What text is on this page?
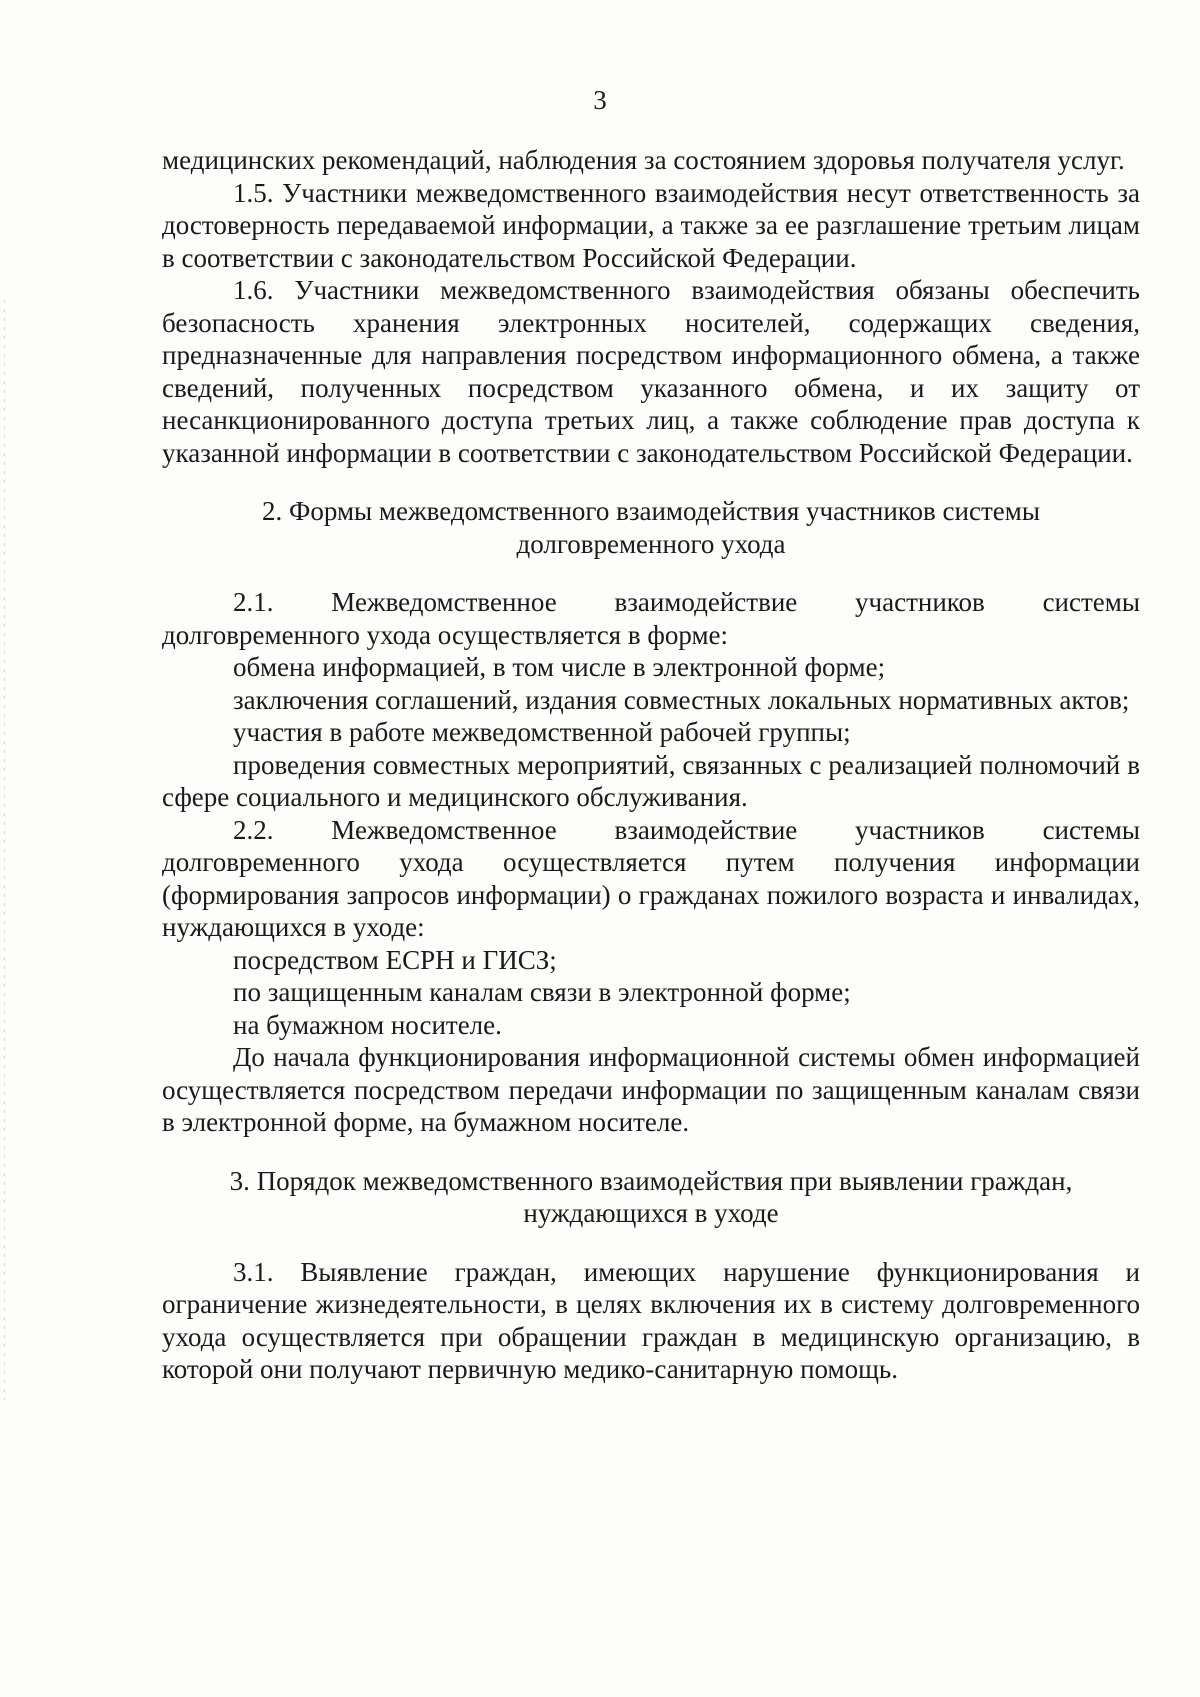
3

медицинских рекомендаций, наблюдения за состоянием здоровья получателя услуг.

1.5. Участники межведомственного взаимодействия несут ответственность за достоверность передаваемой информации, а также за ее разглашение третьим лицам в соответствии с законодательством Российской Федерации.

1.6. Участники межведомственного взаимодействия обязаны обеспечить безопасность хранения электронных носителей, содержащих сведения, предназначенные для направления посредством информационного обмена, а также сведений, полученных посредством указанного обмена, и их защиту от несанкционированного доступа третьих лиц, а также соблюдение прав доступа к указанной информации в соответствии с законодательством Российской Федерации.

2. Формы межведомственного взаимодействия участников системы
долговременного ухода

2.1. Межведомственное взаимодействие участников системы долговременного ухода осуществляется в форме:

обмена информацией, в том числе в электронной форме;

заключения соглашений, издания совместных локальных нормативных актов;

участия в работе межведомственной рабочей группы;

проведения совместных мероприятий, связанных с реализацией полномочий в сфере социального и медицинского обслуживания.

2.2. Межведомственное взаимодействие участников системы долговременного ухода осуществляется путем получения информации (формирования запросов информации) о гражданах пожилого возраста и инвалидах, нуждающихся в уходе:

посредством ЕСРН и ГИСЗ;

по защищенным каналам связи в электронной форме;

на бумажном носителе.

До начала функционирования информационной системы обмен информацией осуществляется посредством передачи информации по защищенным каналам связи в электронной форме, на бумажном носителе.

3. Порядок межведомственного взаимодействия при выявлении граждан,
нуждающихся в уходе

3.1. Выявление граждан, имеющих нарушение функционирования и ограничение жизнедеятельности, в целях включения их в систему долговременного ухода осуществляется при обращении граждан в медицинскую организацию, в которой они получают первичную медико-санитарную помощь.
